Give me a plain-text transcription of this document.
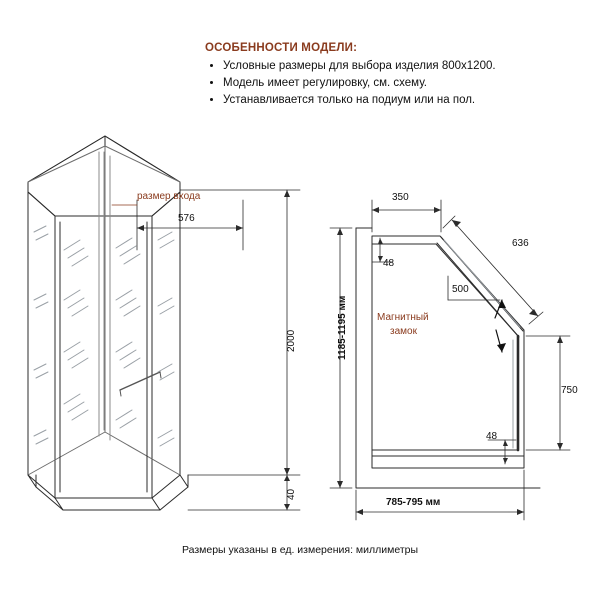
ОСОБЕННОСТИ МОДЕЛИ:
• Условные размеры для выбора изделия 800х1200.
• Модель имеет регулировку, см. схему.
• Устанавливается только на подиум или на пол.
размер входа
576
2000
40
350
636
48
500
Магнитный
замок
750
48
785-795 мм
1185-1195 мм
Размеры указаны в ед. измерения: миллиметры
